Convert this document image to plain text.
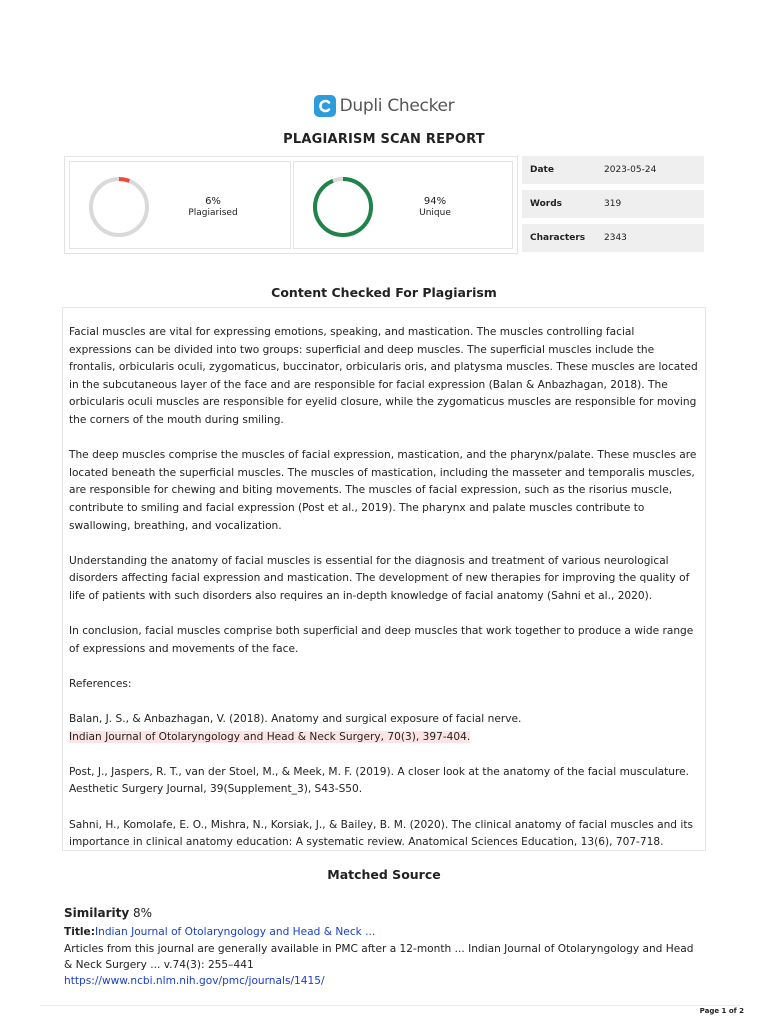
Dupli Checker
PLAGIARISM SCAN REPORT
6%
Plagiarised
94%
Unique
Date	2023-05-24
Words	319
Characters	2343
Content Checked For Plagiarism

Facial muscles are vital for expressing emotions, speaking, and mastication. The muscles controlling facial expressions can be divided into two groups: superficial and deep muscles. The superficial muscles include the frontalis, orbicularis oculi, zygomaticus, buccinator, orbicularis oris, and platysma muscles. These muscles are located in the subcutaneous layer of the face and are responsible for facial expression (Balan & Anbazhagan, 2018). The orbicularis oculi muscles are responsible for eyelid closure, while the zygomaticus muscles are responsible for moving the corners of the mouth during smiling.

The deep muscles comprise the muscles of facial expression, mastication, and the pharynx/palate. These muscles are located beneath the superficial muscles. The muscles of mastication, including the masseter and temporalis muscles, are responsible for chewing and biting movements. The muscles of facial expression, such as the risorius muscle, contribute to smiling and facial expression (Post et al., 2019). The pharynx and palate muscles contribute to swallowing, breathing, and vocalization.

Understanding the anatomy of facial muscles is essential for the diagnosis and treatment of various neurological disorders affecting facial expression and mastication. The development of new therapies for improving the quality of life of patients with such disorders also requires an in-depth knowledge of facial anatomy (Sahni et al., 2020).

In conclusion, facial muscles comprise both superficial and deep muscles that work together to produce a wide range of expressions and movements of the face.

References:

Balan, J. S., & Anbazhagan, V. (2018). Anatomy and surgical exposure of facial nerve.
Indian Journal of Otolaryngology and Head & Neck Surgery, 70(3), 397-404.

Post, J., Jaspers, R. T., van der Stoel, M., & Meek, M. F. (2019). A closer look at the anatomy of the facial musculature. Aesthetic Surgery Journal, 39(Supplement_3), S43-S50.

Sahni, H., Komolafe, E. O., Mishra, N., Korsiak, J., & Bailey, B. M. (2020). The clinical anatomy of facial muscles and its importance in clinical anatomy education: A systematic review. Anatomical Sciences Education, 13(6), 707-718.

Matched Source
Similarity 8%
Title:Indian Journal of Otolaryngology and Head & Neck ...
Articles from this journal are generally available in PMC after a 12-month ... Indian Journal of Otolaryngology and Head & Neck Surgery ... v.74(3): 255–441
https://www.ncbi.nlm.nih.gov/pmc/journals/1415/
Page 1 of 2
